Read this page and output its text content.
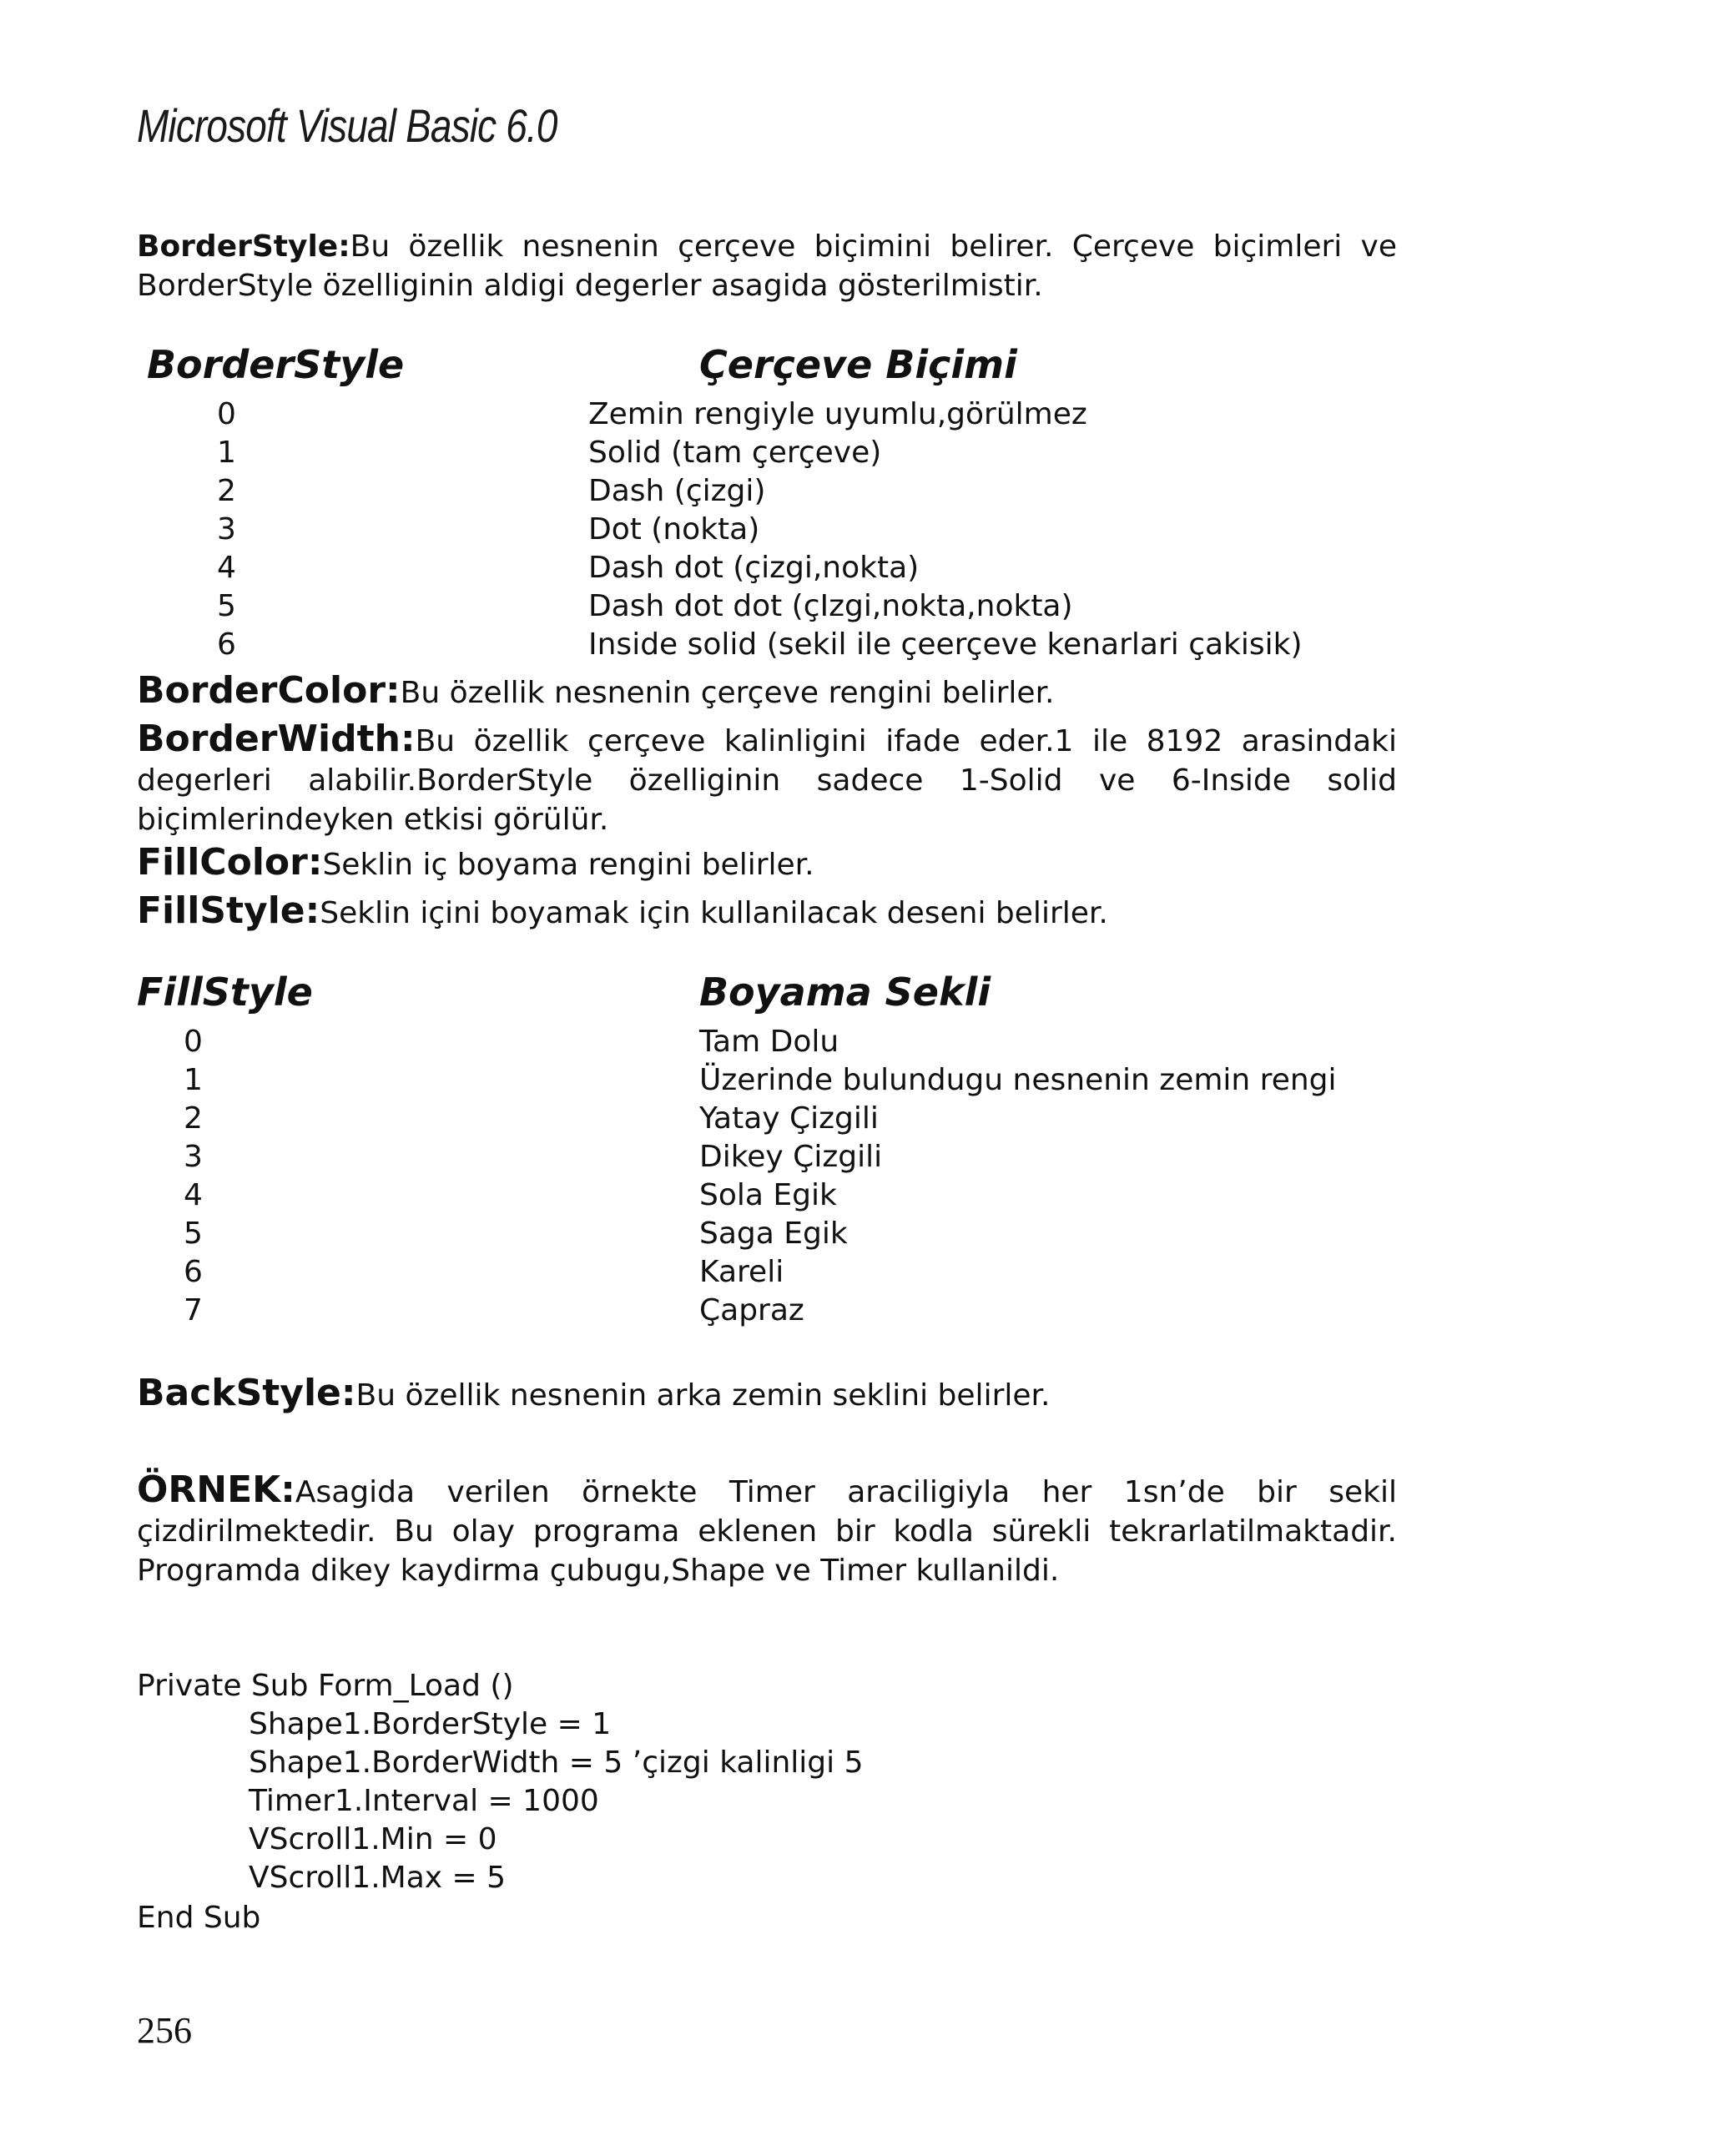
Microsoft Visual Basic 6.0
BorderStyle:Bu özellik nesnenin çerçeve biçimini belirer. Çerçeve biçimleri ve BorderStyle özelliginin aldigi degerler asagida gösterilmistir.
BorderStyle	Çerçeve Biçimi
0	Zemin rengiyle uyumlu,görülmez
1	Solid (tam çerçeve)
2	Dash (çizgi)
3	Dot (nokta)
4	Dash dot (çizgi,nokta)
5	Dash dot dot (çIzgi,nokta,nokta)
6	Inside solid (sekil ile çeerçeve kenarlari çakisik)
BorderColor:Bu özellik nesnenin çerçeve rengini belirler.
BorderWidth:Bu özellik çerçeve kalinligini ifade eder.1 ile 8192 arasindaki degerleri alabilir.BorderStyle özelliginin sadece 1-Solid ve 6-Inside solid biçimlerindeyken etkisi görülür.
FillColor:Seklin iç boyama rengini belirler.
FillStyle:Seklin içini boyamak için kullanilacak deseni belirler.
FillStyle	Boyama Sekli
0	Tam Dolu
1	Üzerinde bulundugu nesnenin zemin rengi
2	Yatay Çizgili
3	Dikey Çizgili
4	Sola Egik
5	Saga Egik
6	Kareli
7	Çapraz
BackStyle:Bu özellik nesnenin arka zemin seklini belirler.
ÖRNEK:Asagida verilen örnekte Timer araciligiyla her 1sn’de bir sekil çizdirilmektedir. Bu olay programa eklenen bir kodla sürekli tekrarlatilmaktadir. Programda dikey kaydirma çubugu,Shape ve Timer kullanildi.
Private Sub Form_Load ()
Shape1.BorderStyle = 1
Shape1.BorderWidth = 5 ’çizgi kalinligi 5
Timer1.Interval = 1000
VScroll1.Min = 0
VScroll1.Max = 5
End Sub
256
